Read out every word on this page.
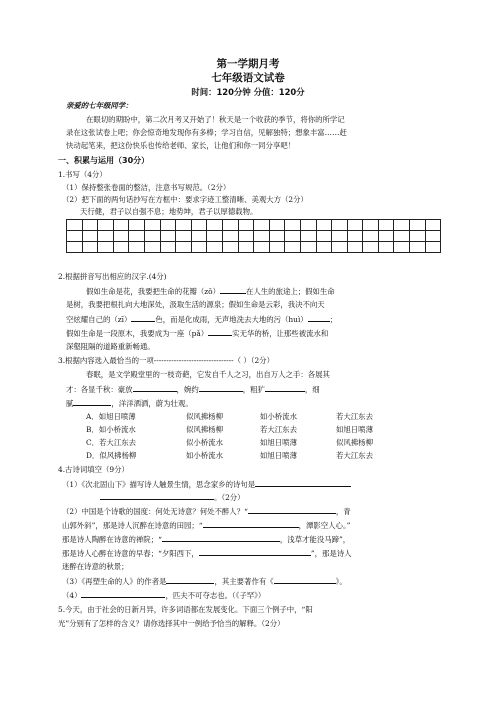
第一学期月考
七年级语文试卷
时间：120分钟 分值：120分
亲爱的七年级同学：
在眼切的期盼中，第二次月考又开始了！秋天是一个收获的季节，将你的所学记
录在这张试卷上吧；你会惊奇地发现你有多棒；学习自信，见解独特；想象丰富……赶
快动起笔来，把这份快乐也传给老师、家长，让他们和你一同分享吧！
一、积累与运用（30分）
1.书写（4分）
（1）保持整张卷面的整洁，注意书写规范。（2分）
（2）把下面的两句话抄写在方框中：要求字迹工整清晰、美观大方（2分）
天行健，君子以自强不息；地势坤，君子以厚德载物。

2.根据拼音写出相应的汉字.(4分)
假如生命是花，我要把生命的花瓣（zǒ）	在人生的旅途上；假如生命
是树，我要把根扎向大地深处，汲取生活的源泉；假如生命是云彩，我决不向天
空炫耀自己的（zī）	色，而是化成雨，无声地洗去大地的污（huì）	；
假如生命是一段原木，我要成为一座（pǎ）	实无华的桥，让那些被流水和
深壑阻隔的道路重新畅通。
3.根据内容选入最恰当的一项--------------------------------（ ）（2分）
春眠，是文学殿堂里的一枝奇葩，它发自千人之习，出自万人之手：各展其
才：各显千秋：豪放	，婉约	，粗犷	，细
腻	，洋洋洒洒，蔚为壮观。
A．如旭日喷薄	似风拂杨柳	如小桥流水	若大江东去
B．如小桥流水	似风拂杨柳	若大江东去	如旭日喷薄
C．若大江东去	似小桥流水	如旭日喷薄	似风拂杨柳
D．似风拂杨柳	如小桥流水	如旭日喷薄	若大江东去
4.古诗词填空（9分）
（1）《次北固山下》描写诗人触景生情，思念家乡的诗句是
。（2分）
（2）中国是个诗歌的国度：何处无诗意？何处不醉人？“	，青
山郭外斜”，那是诗人沉醉在诗意的田园；“	，潭影空人心。”
那是诗人陶醉在诗意的禅院；“	，浅草才能没马蹄”，
那是诗人心醉在诗意的早春；“夕阳西下，	”，那是诗人
迷醉在诗意的秋景；
（3）《再塑生命的人》的作者是	，其主要著作有《	》。
（4）	，匹夫不可夺志也。（《子罕》）
5.今天，由于社会的日新月异，许多词语都在发展变化。下面三个例子中，“阳
光”分别有了怎样的含义？请你选择其中一例给予恰当的解释。（2分）
